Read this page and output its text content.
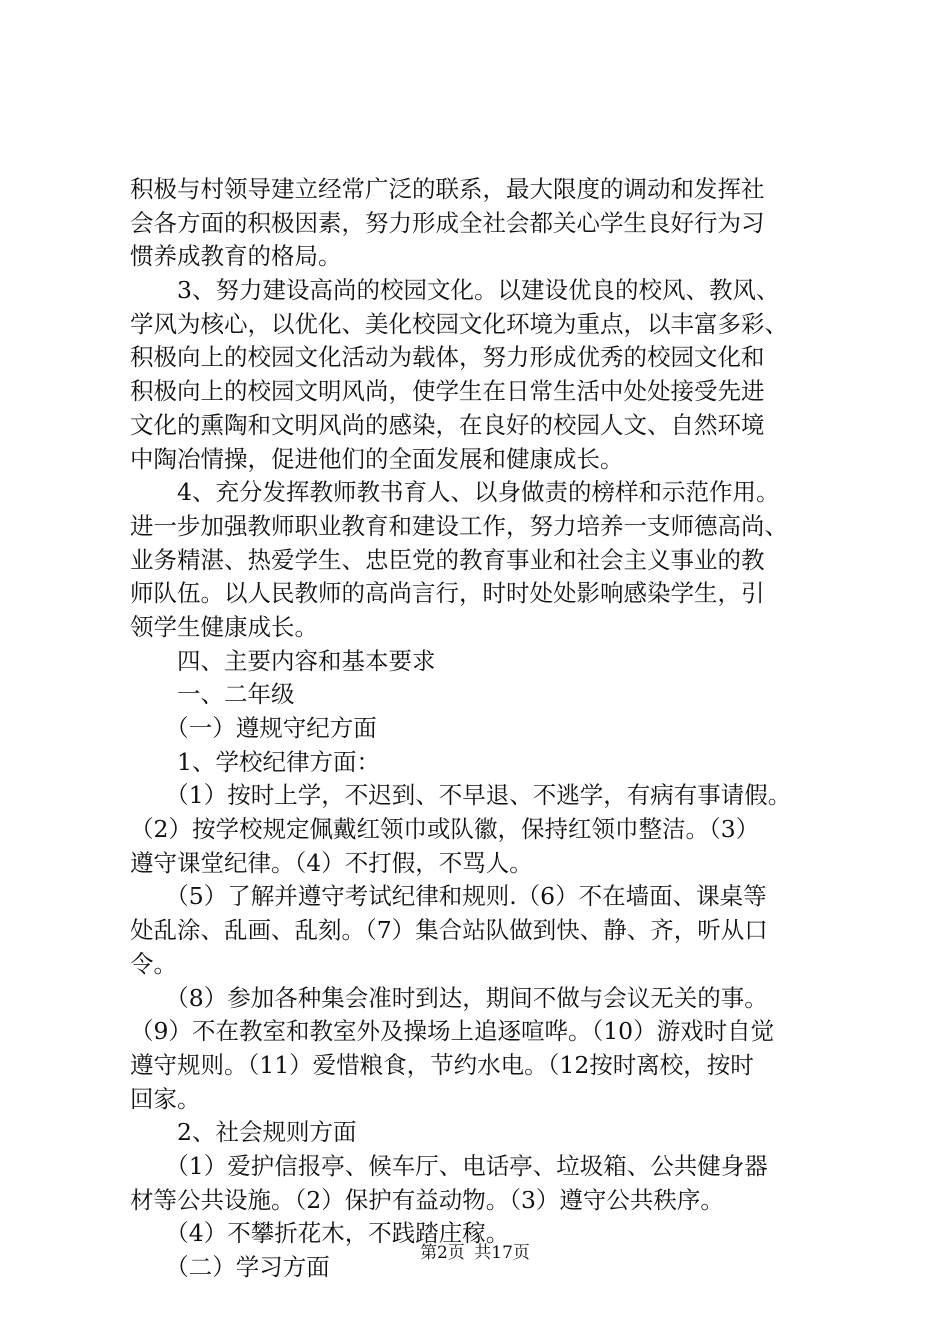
积极与村领导建立经常广泛的联系，最大限度的调动和发挥社
会各方面的积极因素，努力形成全社会都关心学生良好行为习
惯养成教育的格局。
　　3、努力建设高尚的校园文化。以建设优良的校风、教风、
学风为核心，以优化、美化校园文化环境为重点，以丰富多彩、
积极向上的校园文化活动为载体，努力形成优秀的校园文化和
积极向上的校园文明风尚，使学生在日常生活中处处接受先进
文化的熏陶和文明风尚的感染，在良好的校园人文、自然环境
中陶冶情操，促进他们的全面发展和健康成长。
　　4、充分发挥教师教书育人、以身做责的榜样和示范作用。
进一步加强教师职业教育和建设工作，努力培养一支师德高尚、
业务精湛、热爱学生、忠臣党的教育事业和社会主义事业的教
师队伍。以人民教师的高尚言行，时时处处影响感染学生，引
领学生健康成长。
　　四、主要内容和基本要求
　　一、二年级
　　（一）遵规守纪方面
　　1、学校纪律方面：
　　（1）按时上学，不迟到、不早退、不逃学，有病有事请假。
（2）按学校规定佩戴红领巾或队徽，保持红领巾整洁。（3）
遵守课堂纪律。（4）不打假，不骂人。
　　（5）了解并遵守考试纪律和规则.（6）不在墙面、课桌等
处乱涂、乱画、乱刻。（7）集合站队做到快、静、齐，听从口
令。
　　（8）参加各种集会准时到达，期间不做与会议无关的事。
（9）不在教室和教室外及操场上追逐喧哗。（10）游戏时自觉
遵守规则。（11）爱惜粮食，节约水电。（12按时离校，按时
回家。
　　2、社会规则方面
　　（1）爱护信报亭、候车厅、电话亭、垃圾箱、公共健身器
材等公共设施。（2）保护有益动物。（3）遵守公共秩序。
　　（4）不攀折花木，不践踏庄稼。
　　（二）学习方面	第2页 共17页
